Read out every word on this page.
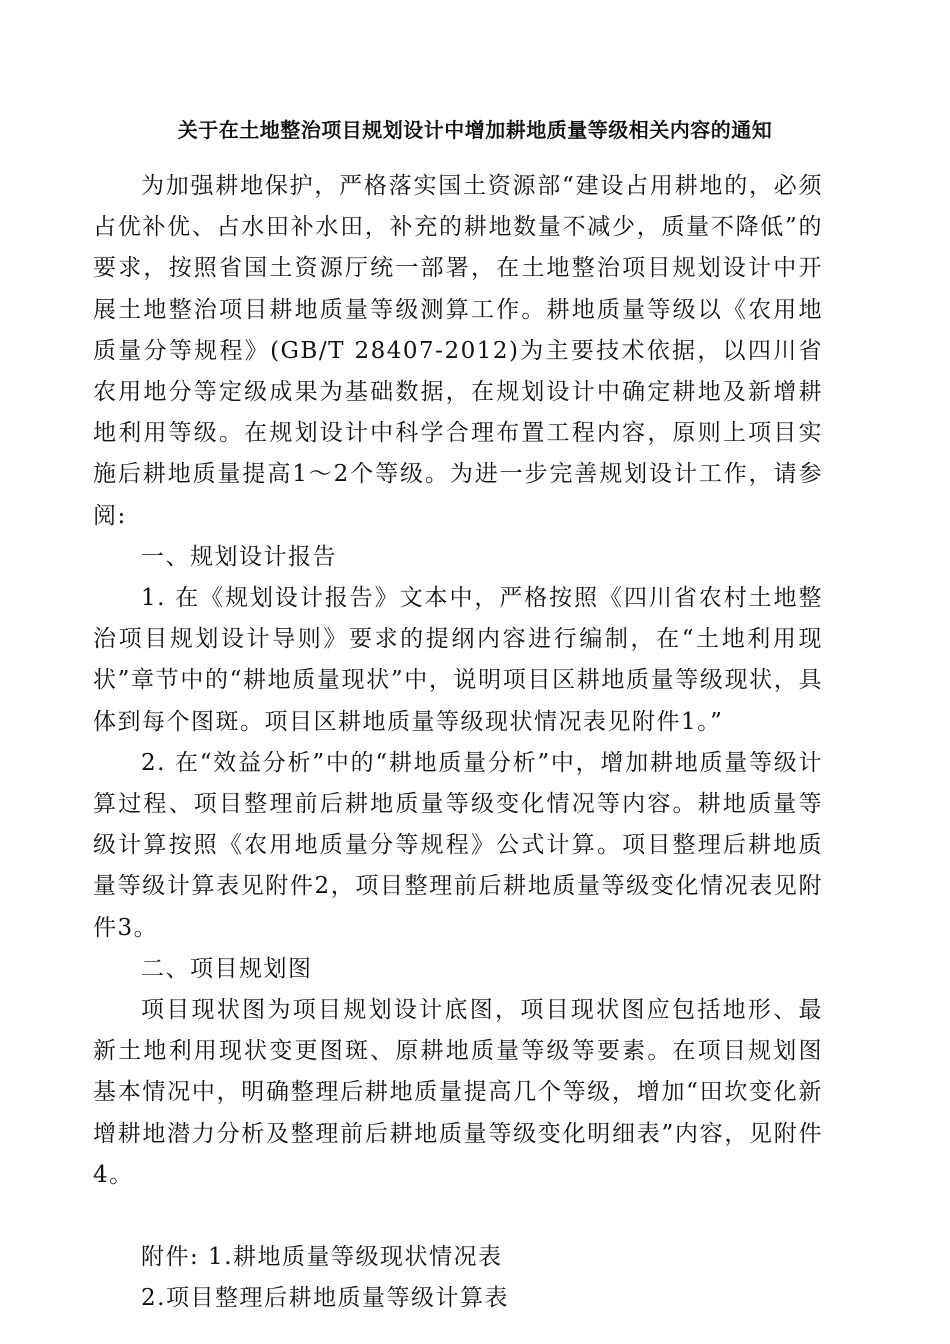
关于在土地整治项目规划设计中增加耕地质量等级相关内容的通知

为加强耕地保护，严格落实国土资源部“建设占用耕地的，必须占优补优、占水田补水田，补充的耕地数量不减少，质量不降低”的要求，按照省国土资源厅统一部署，在土地整治项目规划设计中开展土地整治项目耕地质量等级测算工作。耕地质量等级以《农用地质量分等规程》(GB/T 28407-2012)为主要技术依据，以四川省农用地分等定级成果为基础数据，在规划设计中确定耕地及新增耕地利用等级。在规划设计中科学合理布置工程内容，原则上项目实施后耕地质量提高1～2个等级。为进一步完善规划设计工作，请参阅:

一、规划设计报告

1. 在《规划设计报告》文本中，严格按照《四川省农村土地整治项目规划设计导则》要求的提纲内容进行编制，在“土地利用现状”章节中的“耕地质量现状”中，说明项目区耕地质量等级现状，具体到每个图斑。项目区耕地质量等级现状情况表见附件1。”

2. 在“效益分析”中的“耕地质量分析”中，增加耕地质量等级计算过程、项目整理前后耕地质量等级变化情况等内容。耕地质量等级计算按照《农用地质量分等规程》公式计算。项目整理后耕地质量等级计算表见附件2，项目整理前后耕地质量等级变化情况表见附件3。

二、项目规划图

项目现状图为项目规划设计底图，项目现状图应包括地形、最新土地利用现状变更图斑、原耕地质量等级等要素。在项目规划图基本情况中，明确整理后耕地质量提高几个等级，增加“田坎变化新增耕地潜力分析及整理前后耕地质量等级变化明细表”内容，见附件4。

附件: 1.耕地质量等级现状情况表

2.项目整理后耕地质量等级计算表
